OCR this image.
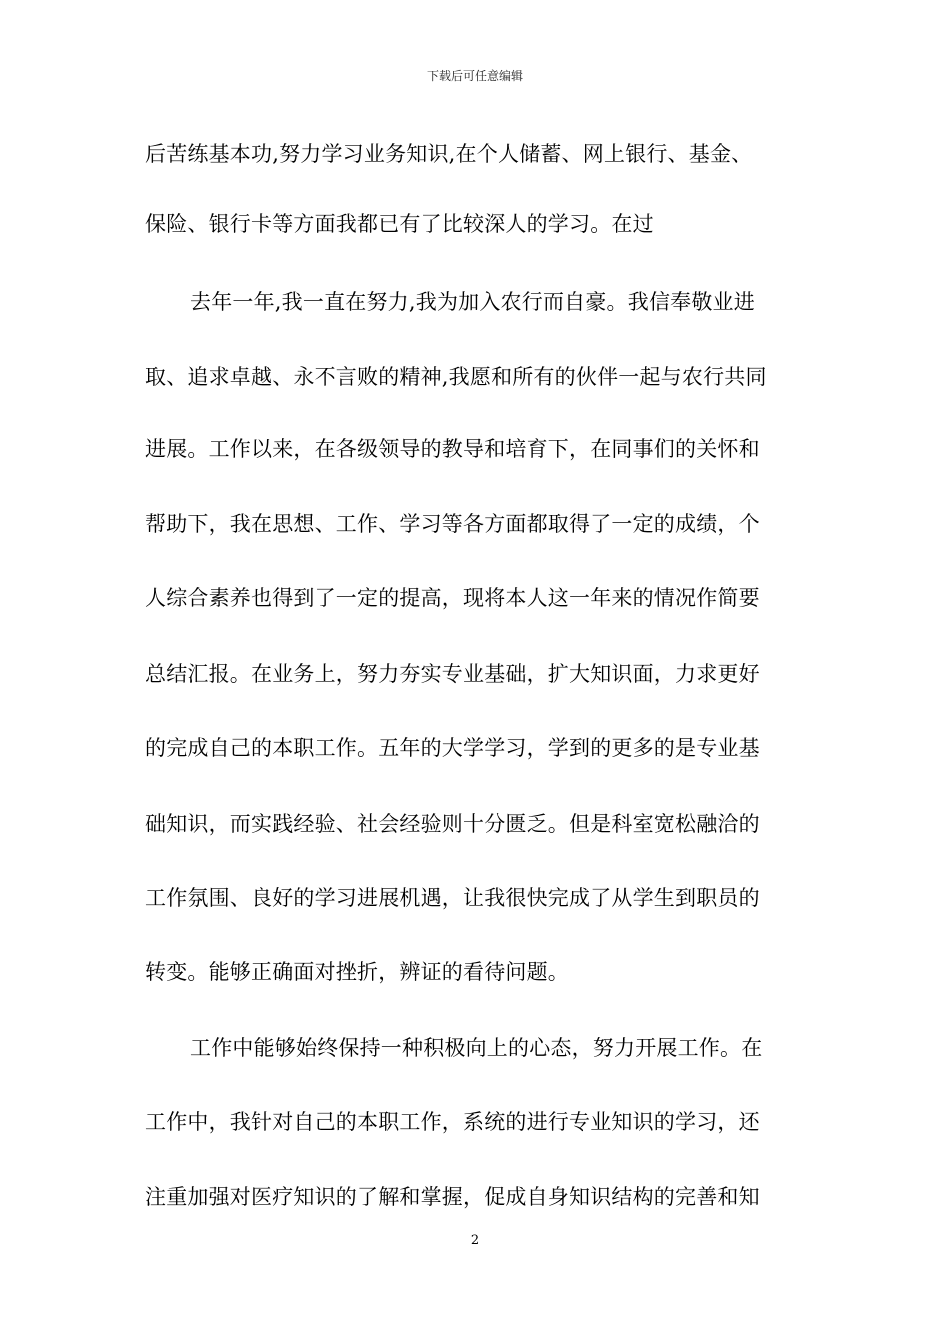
下载后可任意编辑
后苦练基本功,努力学习业务知识,在个人储蓄、网上银行、基金、
保险、银行卡等方面我都已有了比较深人的学习。在过
去年一年,我一直在努力,我为加入农行而自豪。我信奉敬业进
取、追求卓越、永不言败的精神,我愿和所有的伙伴一起与农行共同
进展。工作以来，在各级领导的教导和培育下，在同事们的关怀和
帮助下，我在思想、工作、学习等各方面都取得了一定的成绩，个
人综合素养也得到了一定的提高，现将本人这一年来的情况作简要
总结汇报。在业务上，努力夯实专业基础，扩大知识面，力求更好
的完成自己的本职工作。五年的大学学习，学到的更多的是专业基
础知识，而实践经验、社会经验则十分匮乏。但是科室宽松融洽的
工作氛围、良好的学习进展机遇，让我很快完成了从学生到职员的
转变。能够正确面对挫折，辨证的看待问题。
工作中能够始终保持一种积极向上的心态，努力开展工作。在
工作中，我针对自己的本职工作，系统的进行专业知识的学习，还
注重加强对医疗知识的了解和掌握，促成自身知识结构的完善和知
2
